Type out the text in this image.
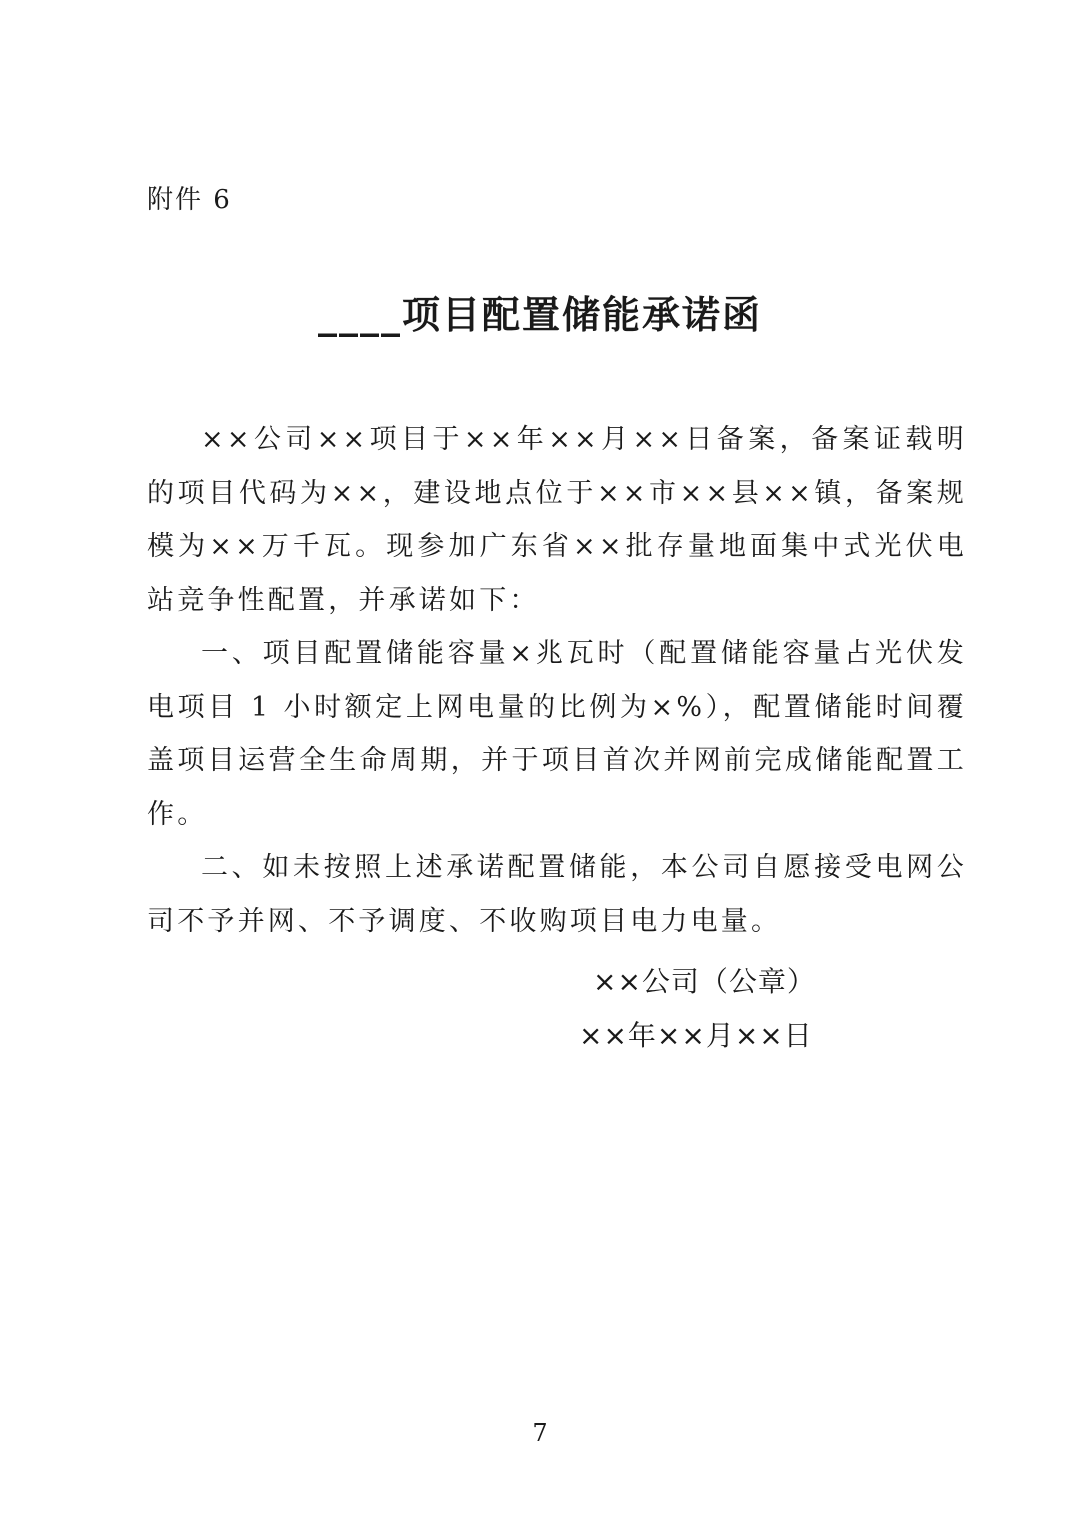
附件 6
____项目配置储能承诺函

××公司××项目于××年××月××日备案，备案证载明的项目代码为××，建设地点位于××市××县××镇，备案规模为××万千瓦。现参加广东省××批存量地面集中式光伏电站竞争性配置，并承诺如下：

一、项目配置储能容量×兆瓦时（配置储能容量占光伏发电项目 1 小时额定上网电量的比例为×%），配置储能时间覆盖项目运营全生命周期，并于项目首次并网前完成储能配置工作。

二、如未按照上述承诺配置储能，本公司自愿接受电网公司不予并网、不予调度、不收购项目电力电量。

××公司（公章）
××年××月××日
7
